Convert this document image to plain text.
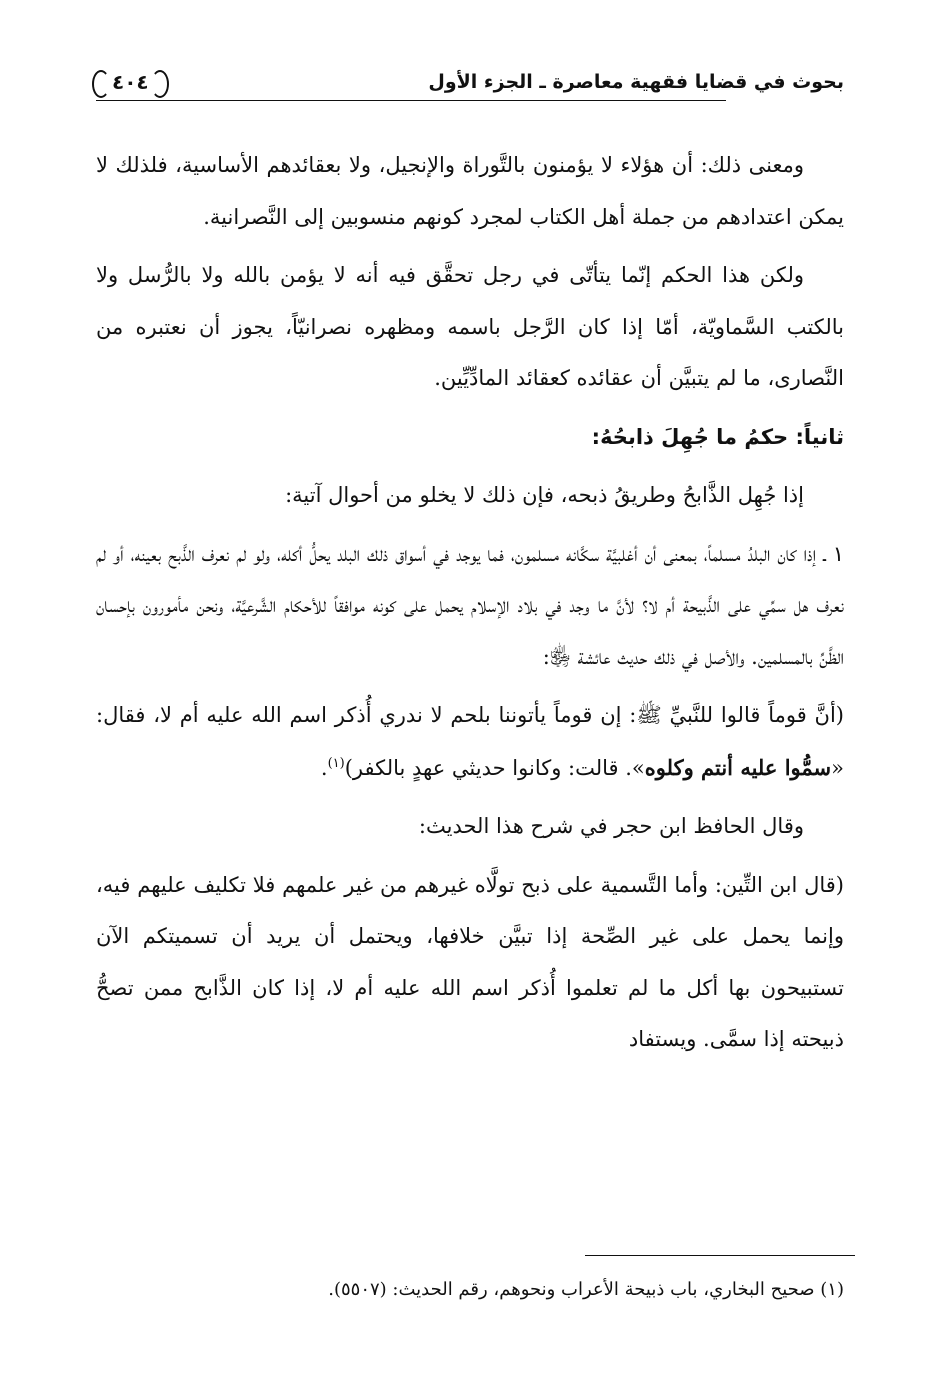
بحوث في قضايا فقهية معاصرة ـ الجزء الأول
٤٠٤

ومعنى ذلك: أن هؤلاء لا يؤمنون بالتَّوراة والإنجيل، ولا بعقائدهم الأساسية، فلذلك لا يمكن اعتدادهم من جملة أهل الكتاب لمجرد كونهم منسوبين إلى النَّصرانية.

ولكن هذا الحكم إنّما يتأتّى في رجل تحقَّق فيه أنه لا يؤمن بالله ولا بالرُّسل ولا بالكتب السَّماويّة، أمّا إذا كان الرَّجل باسمه ومظهره نصرانيّاً، يجوز أن نعتبره من النَّصارى، ما لم يتبيَّن أن عقائده كعقائد المادِّيِّين.

ثانياً: حكمُ ما جُهِلَ ذابحُهُ:

إذا جُهِل الذَّابحُ وطريقُ ذبحه، فإن ذلك لا يخلو من أحوال آتية:

١ ـ إذا كان البلدُ مسلماً، بمعنى أن أغلبيَّة سكَّانه مسلمون، فما يوجد في أسواق ذلك البلد يحلُّ أكله، ولو لم نعرف الذَّبح بعينه، أو لم نعرف هل سمِّي على الذَّبيحة أم لا؟ لأنَّ ما وجد في بلاد الإسلام يحمل على كونه موافقاً للأحكام الشَّرعيَّة، ونحن مأمورون بإحسان الظَّنِّ بالمسلمين. والأصل في ذلك حديث عائشة ﵂:

(أنَّ قوماً قالوا للنَّبيِّ ﷺ: إن قوماً يأتوننا بلحم لا ندري أُذكر اسم الله عليه أم لا، فقال: «سمُّوا عليه أنتم وكلوه». قالت: وكانوا حديثي عهدٍ بالكفر)$^{(١)}$.

وقال الحافظ ابن حجر في شرح هذا الحديث:

(قال ابن التِّين: وأما التَّسمية على ذبح تولَّاه غيرهم من غير علمهم فلا تكليف عليهم فيه، وإنما يحمل على غير الصِّحة إذا تبيَّن خلافها، ويحتمل أن يريد أن تسميتكم الآن تستبيحون بها أكل ما لم تعلموا أُذكر اسم الله عليه أم لا، إذا كان الذَّابح ممن تصحُّ ذبيحته إذا سمَّى. ويستفاد

(١) صحيح البخاري، باب ذبيحة الأعراب ونحوهم، رقم الحديث: (٥٥٠٧).
